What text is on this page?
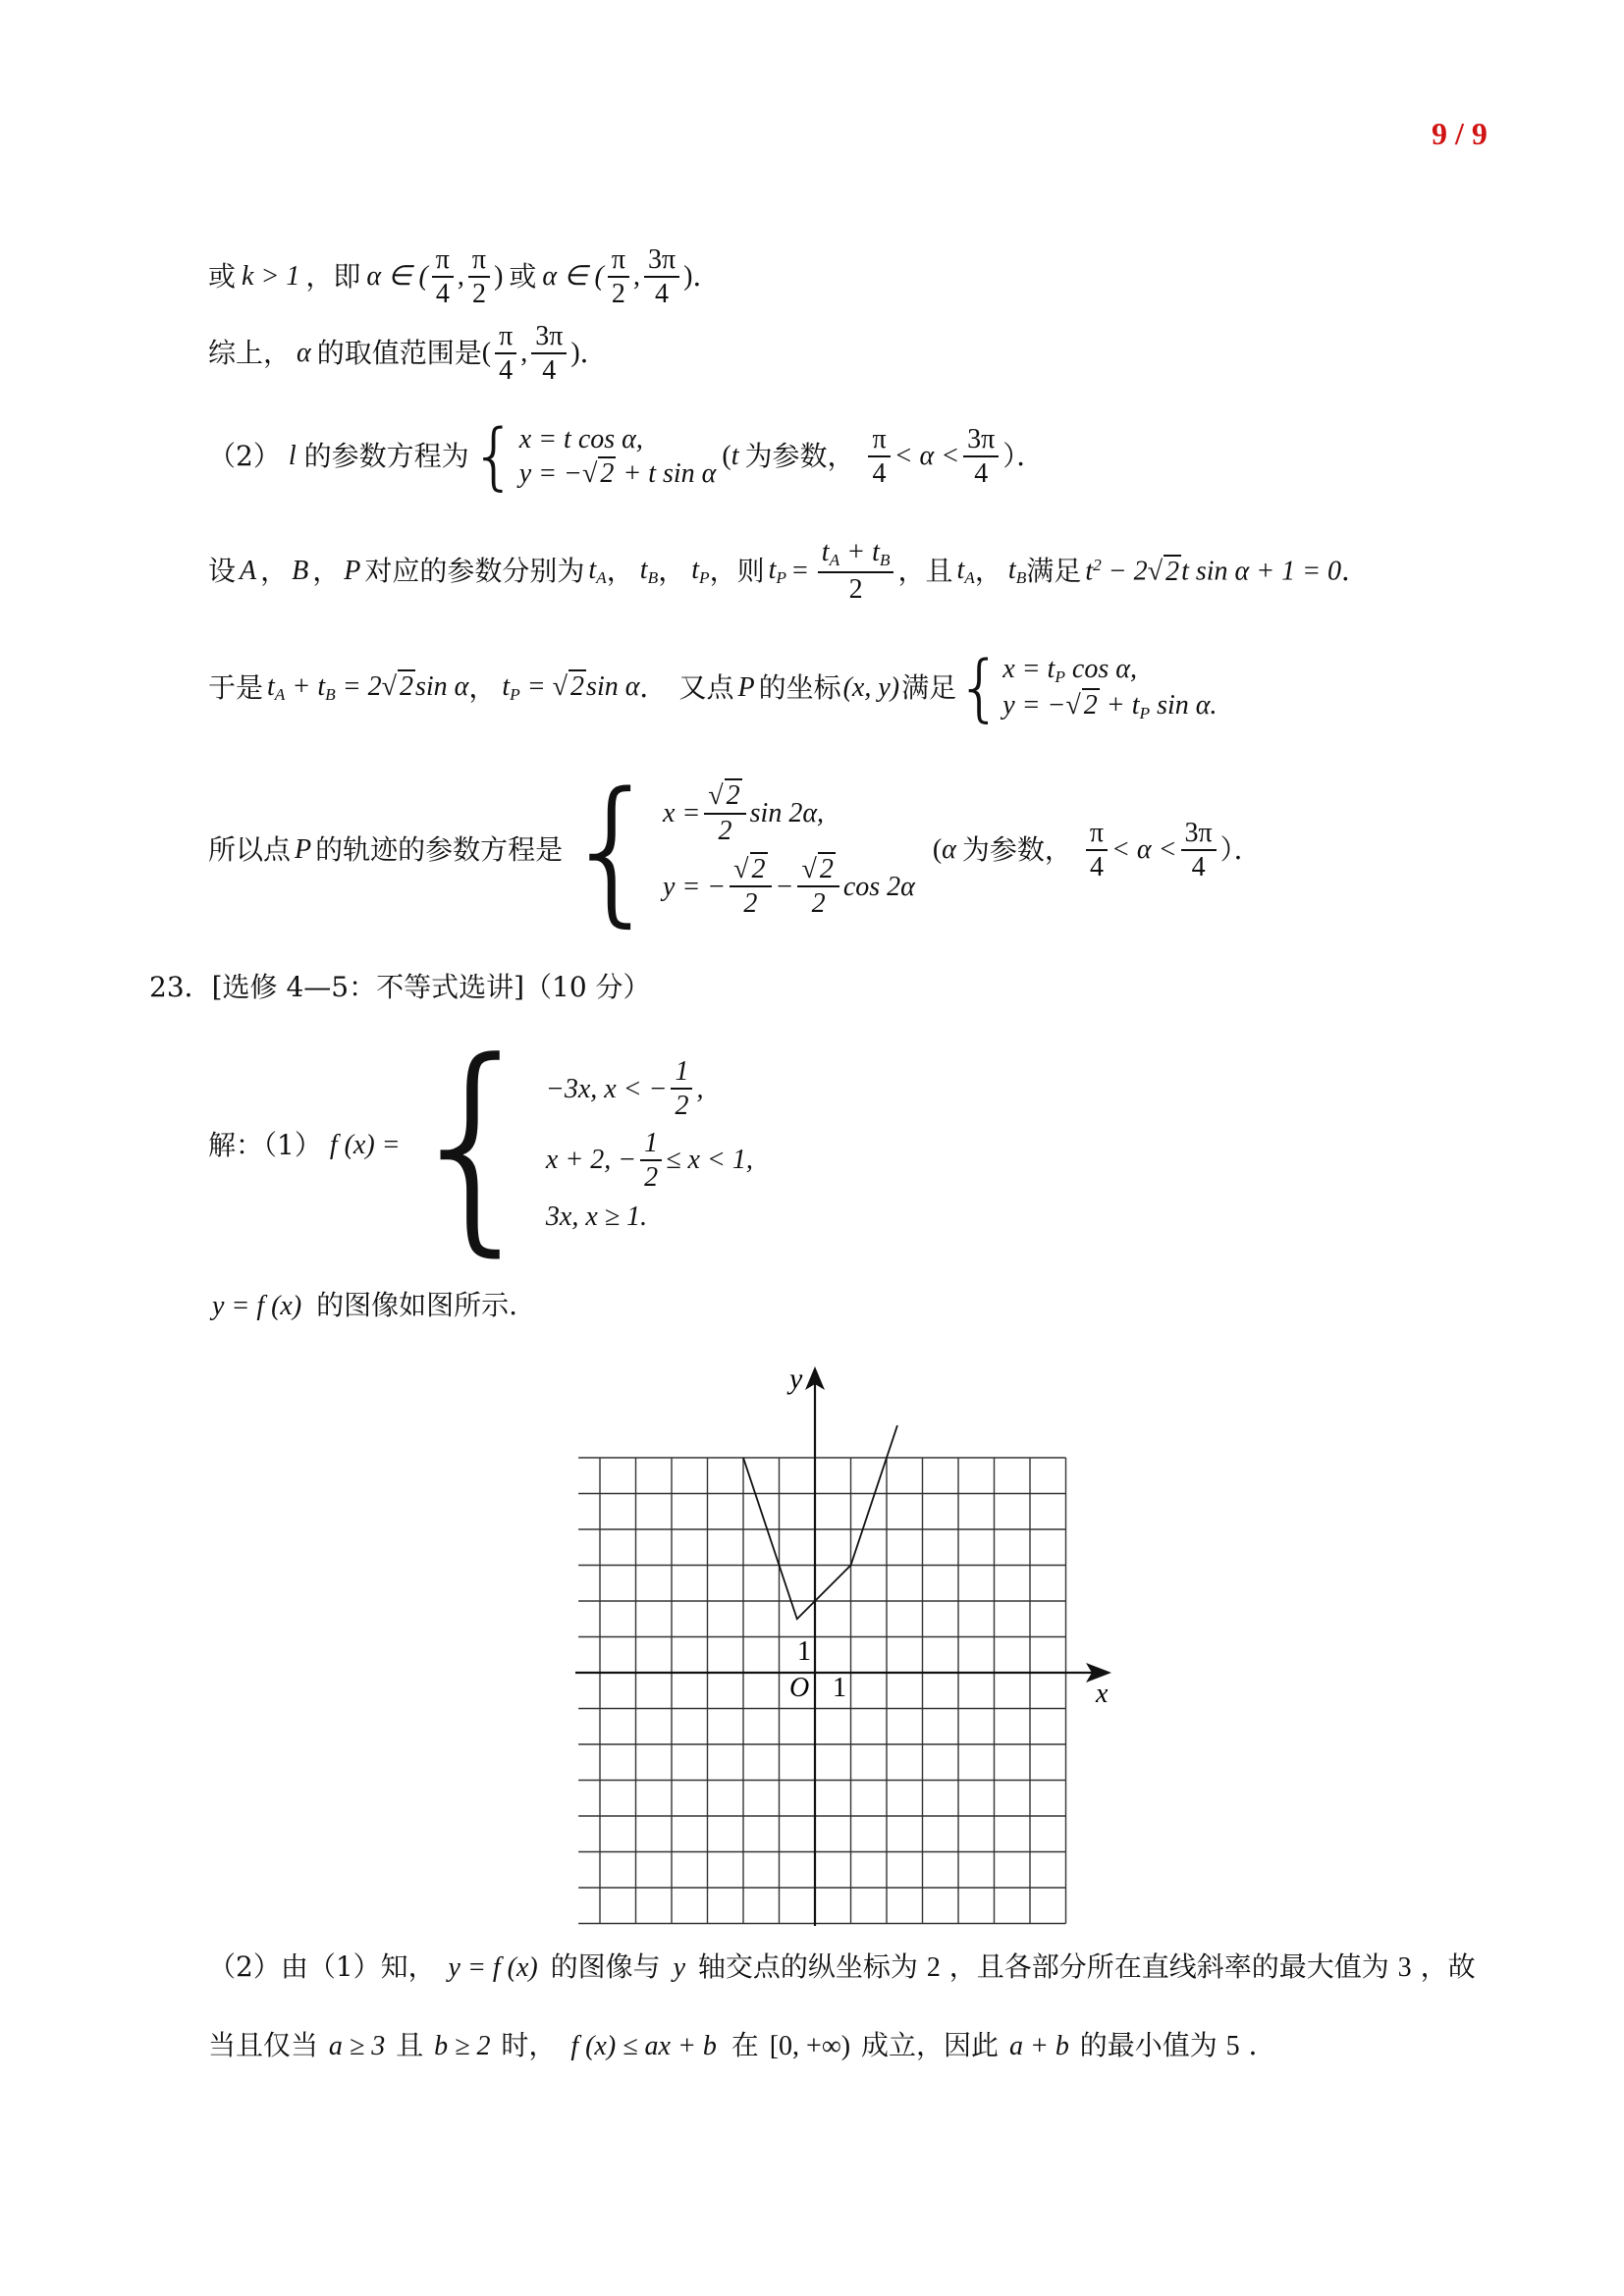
9 / 9
或 k > 1 ，即 α ∈ ( $\frac{\pi}{4}$ , $\frac{\pi}{2}$ ) 或 α ∈ ( $\frac{\pi}{2}$ , $\frac{3\pi}{4}$ ) ．
综上， α 的取值范围是 ( $\frac{\pi}{4}$ , $\frac{3\pi}{4}$ ) ．
（2） l 的参数方程为 { x = t cos α,
y = −√ 2 + t sin α
( t 为参数， $\frac{\pi}{4} < \alpha < \frac{3\pi}{4}$ ）．
设 A ， B ， P 对应的参数分别为 $t_A$ ， $t_B$ ， $t_P$ ，则 $t_P = \frac{t_A + t_B}{2}$ ，且 $t_A$ ， $t_B$ 满足 $t^2 - 2√$ 2t sin α + 1 = 0 ．
于是 $t_A + t_B = 2√$ 2sin α ， $t_P$ = √ 2sin α ． 又点 P 的坐标 (x, y) 满足 { $x = t_P$ cos α,
y = −√ $2 + t_P$ sin α.
所以点 P 的轨迹的参数方程是 { $x = \frac{√ 2}{2}$ sin 2α,
y = − $\frac{√ 2}{2} - \frac{√ 2}{2}$ cos 2α
( α 为参数， $\frac{\pi}{4} < \alpha < \frac{3\pi}{4}$ ）．
23．[选修 4—5：不等式选讲]（10 分）
解：（1） f (x) = { −3x, x < − $\frac{1}{2}$ ,
x + 2, − $\frac{1}{2} \le x < 1$,
3x, x ≥ 1.
y = f (x) 的图像如图所示.
y
x
O 1
1
（2）由（1）知， y = f (x) 的图像与 y 轴交点的纵坐标为 2 ，且各部分所在直线斜率的最大值为 3 ，故
当且仅当 a ≥ 3 且 b ≥ 2 时， f (x) ≤ ax + b 在 [0, +∞) 成立，因此 a + b 的最小值为 5 ．
